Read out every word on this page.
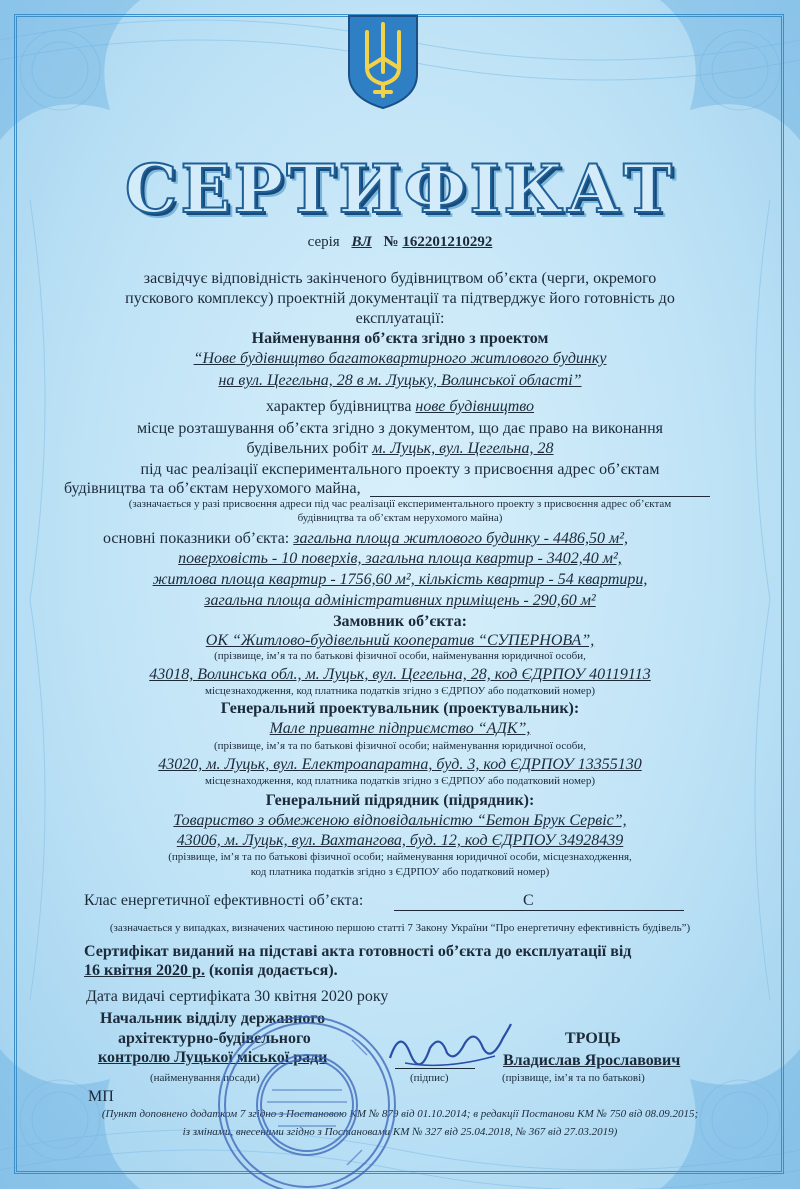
СЕРТИФІКАТ
серія ВЛ № 162201210292
засвідчує відповідність закінченого будівництвом об’єкта (черги, окремого
пускового комплексу) проектній документації та підтверджує його готовність до
експлуатації:
Найменування об’єкта згідно з проектом
“Нове будівництво багатоквартирного житлового будинку
на вул. Цегельна, 28 в м. Луцьку, Волинської області”
характер будівництва нове будівництво
місце розташування об’єкта згідно з документом, що дає право на виконання
будівельних робіт м. Луцьк, вул. Цегельна, 28
під час реалізації експериментального проекту з присвоєння адрес об’єктам
будівництва та об’єктам нерухомого майна,
(зазначається у разі присвоєння адреси під час реалізації експериментального проекту з присвоєння адрес об’єктам
будівництва та об’єктам нерухомого майна)
основні показники об’єкта: загальна площа житлового будинку - 4486,50 м²,
поверховість - 10 поверхів, загальна площа квартир - 3402,40 м²,
житлова площа квартир - 1756,60 м², кількість квартир - 54 квартири,
загальна площа адміністративних приміщень - 290,60 м²
Замовник об’єкта:
ОК “Житлово-будівельний кооператив “СУПЕРНОВА”,
(прізвище, ім’я та по батькові фізичної особи, найменування юридичної особи,
43018, Волинська обл., м. Луцьк, вул. Цегельна, 28, код ЄДРПОУ 40119113
місцезнаходження, код платника податків згідно з ЄДРПОУ або податковий номер)
Генеральний проектувальник (проектувальник):
Мале приватне підприємство “АДК”,
(прізвище, ім’я та по батькові фізичної особи; найменування юридичної особи,
43020, м. Луцьк, вул. Електроапаратна, буд. 3, код ЄДРПОУ 13355130
місцезнаходження, код платника податків згідно з ЄДРПОУ або податковий номер)
Генеральний підрядник (підрядник):
Товариство з обмеженою відповідальністю “Бетон Брук Сервіс”,
43006, м. Луцьк, вул. Вахтангова, буд. 12, код ЄДРПОУ 34928439
(прізвище, ім’я та по батькові фізичної особи; найменування юридичної особи, місцезнаходження,
код платника податків згідно з ЄДРПОУ або податковий номер)
Клас енергетичної ефективності об’єкта:	С
(зазначається у випадках, визначених частиною першою статті 7 Закону України “Про енергетичну ефективність будівель”)
Сертифікат виданий на підставі акта готовності об’єкта до експлуатації від
16 квітня 2020 р. (копія додається).
Дата видачі сертифіката 30 квітня 2020 року
Начальник відділу державного
архітектурно-будівельного
контролю Луцької міської ради
(найменування посади)	(підпис)
ТРОЦЬ
Владислав Ярославович
(прізвище, ім’я та по батькові)
МП
(Пункт доповнено додатком 7 згідно з Постановою КМ № 879 від 01.10.2014; в редакції Постанови КМ № 750 від 08.09.2015;
із змінами, внесеними згідно з Постановами КМ № 327 від 25.04.2018, № 367 від 27.03.2019)
